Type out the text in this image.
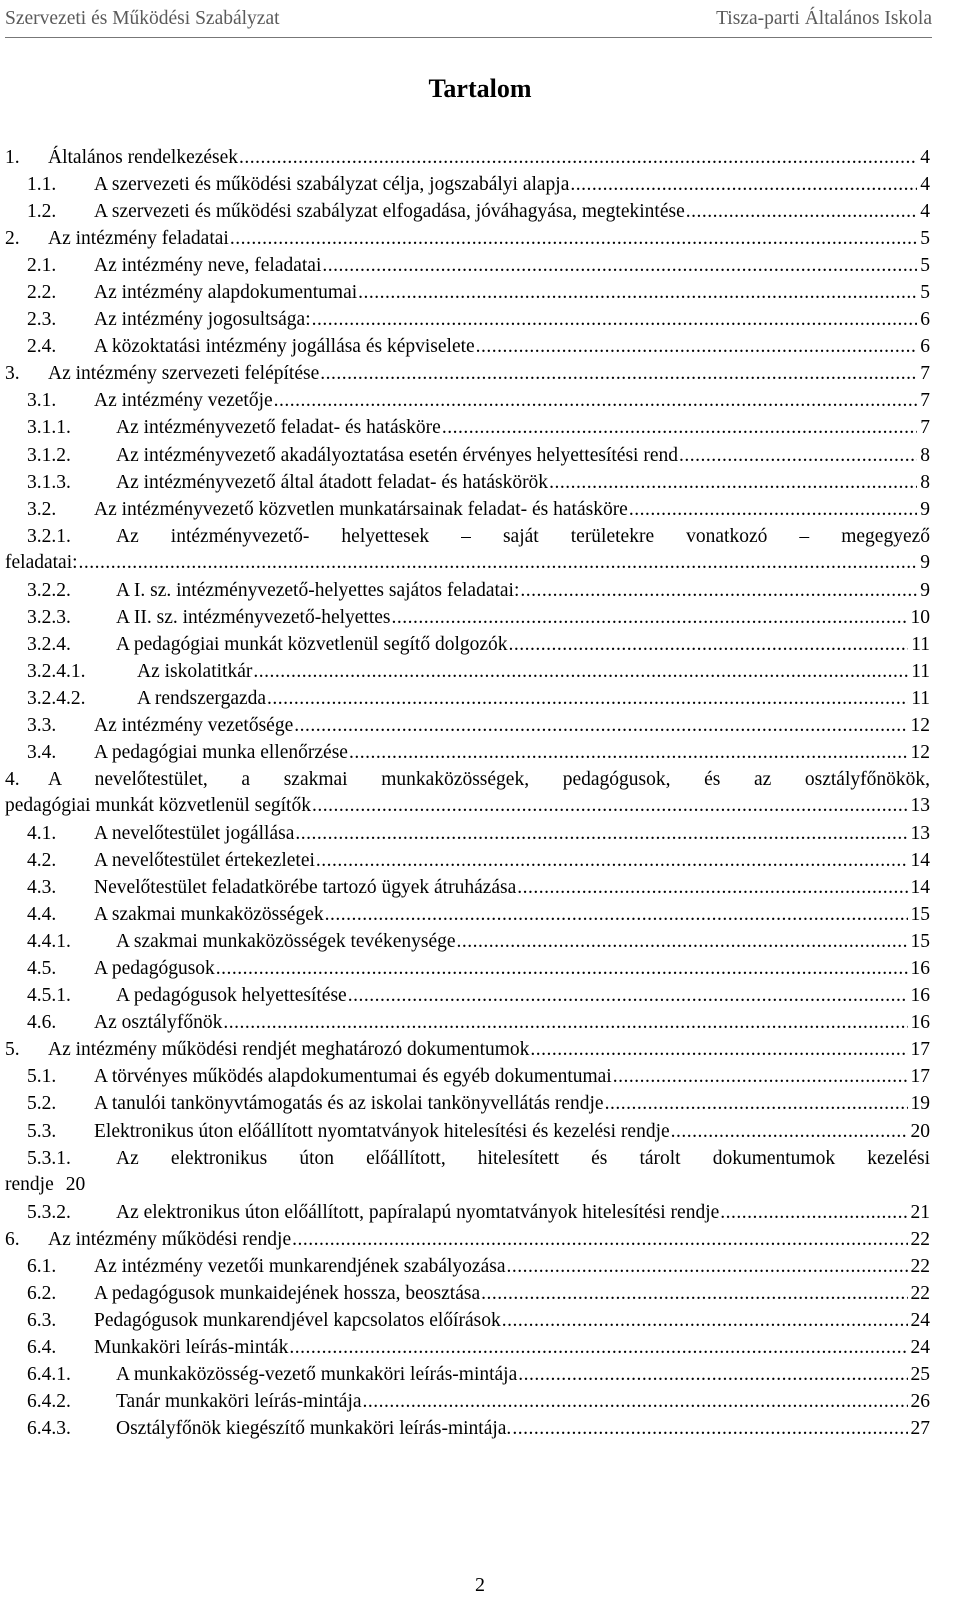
Szervezeti és Működési Szabályzat	Tisza-parti Általános Iskola
Tartalom
1.	Általános rendelkezések .....	4
1.1.	A szervezeti és működési szabályzat célja, jogszabályi alapja .....	4
1.2.	A szervezeti és működési szabályzat elfogadása, jóváhagyása, megtekintése .....	4
2.	Az intézmény feladatai .....	5
2.1.	Az intézmény neve, feladatai .....	5
2.2.	Az intézmény alapdokumentumai .....	5
2.3.	Az intézmény jogosultsága: .....	6
2.4.	A közoktatási intézmény jogállása és képviselete .....	6
3.	Az intézmény szervezeti felépítése .....	7
3.1.	Az intézmény vezetője .....	7
3.1.1.	Az intézményvezető feladat- és hatásköre .....	7
3.1.2.	Az intézményvezető akadályoztatása esetén érvényes helyettesítési rend .....	8
3.1.3.	Az intézményvezető által átadott feladat- és hatáskörök .....	8
3.2.	Az intézményvezető közvetlen munkatársainak feladat- és hatásköre .....	9
3.2.1.	Az intézményvezető- helyettesek – saját területekre vonatkozó – megegyező
feladatai: .....	9
3.2.2.	A I. sz. intézményvezető-helyettes sajátos feladatai: .....	9
3.2.3.	A II. sz. intézményvezető-helyettes .....	10
3.2.4.	A pedagógiai munkát közvetlenül segítő dolgozók .....	11
3.2.4.1.	Az iskolatitkár .....	11
3.2.4.2.	A rendszergazda .....	11
3.3.	Az intézmény vezetősége .....	12
3.4.	A pedagógiai munka ellenőrzése .....	12
4.	A nevelőtestület, a szakmai munkaközösségek, pedagógusok, és az osztályfőnökök,
pedagógiai munkát közvetlenül segítők .....	13
4.1.	A nevelőtestület jogállása .....	13
4.2.	A nevelőtestület értekezletei .....	14
4.3.	Nevelőtestület feladatkörébe tartozó ügyek átruházása .....	14
4.4.	A szakmai munkaközösségek .....	15
4.4.1.	A szakmai munkaközösségek tevékenysége .....	15
4.5.	A pedagógusok .....	16
4.5.1.	A pedagógusok helyettesítése .....	16
4.6.	Az osztályfőnök .....	16
5.	Az intézmény működési rendjét meghatározó dokumentumok .....	17
5.1.	A törvényes működés alapdokumentumai és egyéb dokumentumai .....	17
5.2.	A tanulói tankönyvtámogatás és az iskolai tankönyvellátás rendje .....	19
5.3.	Elektronikus úton előállított nyomtatványok hitelesítési és kezelési rendje .....	20
5.3.1.	Az elektronikus úton előállított, hitelesített és tárolt dokumentumok kezelési
rendje 20
5.3.2.	Az elektronikus úton előállított, papíralapú nyomtatványok hitelesítési rendje .....	21
6.	Az intézmény működési rendje .....	22
6.1.	Az intézmény vezetői munkarendjének szabályozása .....	22
6.2.	A pedagógusok munkaidejének hossza, beosztása .....	22
6.3.	Pedagógusok munkarendjével kapcsolatos előírások .....	24
6.4.	Munkaköri leírás-minták .....	24
6.4.1.	A munkaközösség-vezető munkaköri leírás-mintája .....	25
6.4.2.	Tanár munkaköri leírás-mintája .....	26
6.4.3.	Osztályfőnök kiegészítő munkaköri leírás-mintája. .....	27
2
